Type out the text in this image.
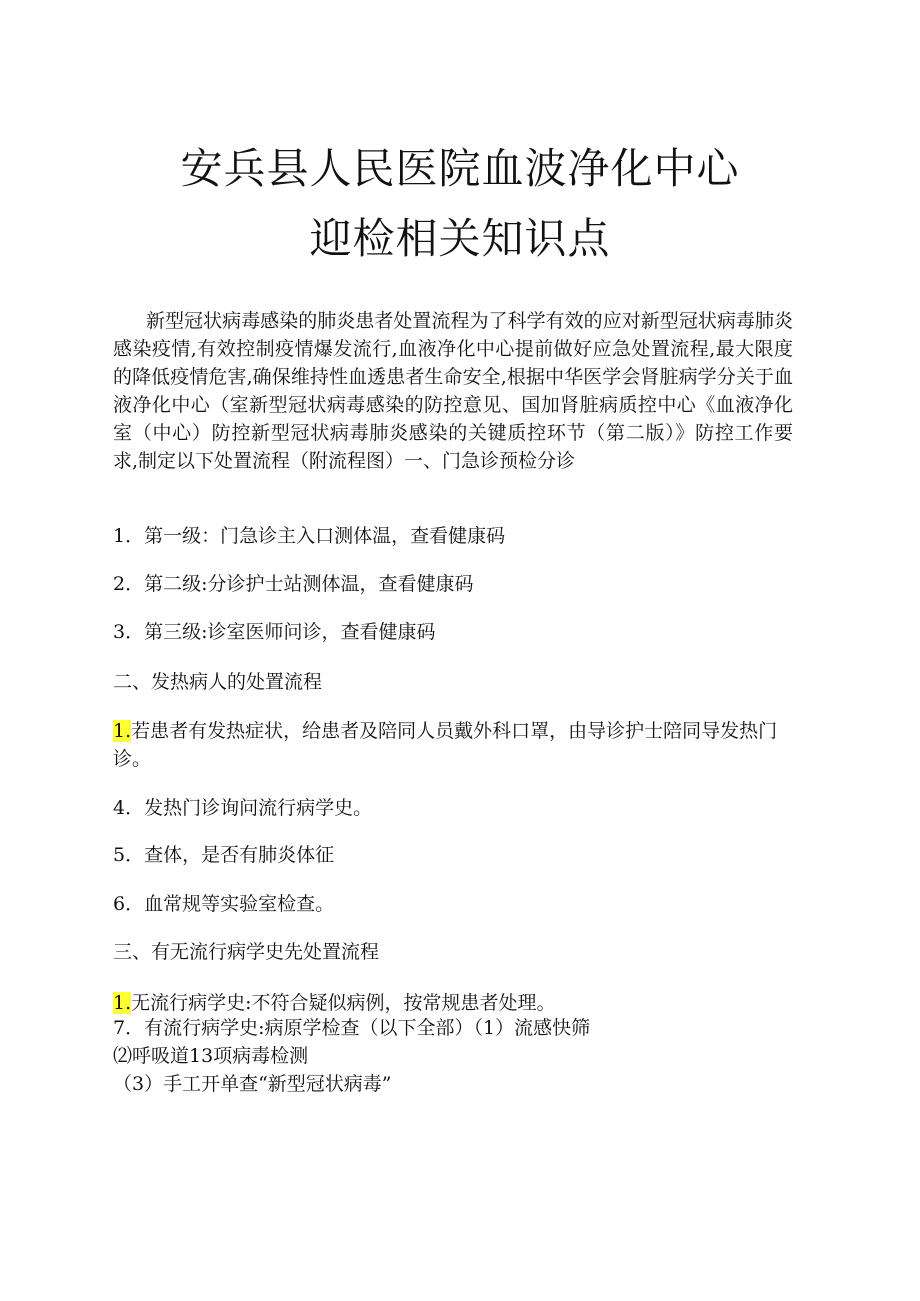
安兵县人民医院血波净化中心
迎检相关知识点
新型冠状病毒感染的肺炎患者处置流程为了科学有效的应对新型冠状病毒肺炎感染疫情,有效控制疫情爆发流行,血液净化中心提前做好应急处置流程,最大限度的降低疫情危害,确保维持性血透患者生命安全,根据中华医学会肾脏病学分关于血液净化中心（室新型冠状病毒感染的防控意见、国加肾脏病质控中心《血液净化室（中心）防控新型冠状病毒肺炎感染的关键质控环节（第二版）》防控工作要求,制定以下处置流程（附流程图）一、门急诊预检分诊
1．第一级：门急诊主入口测体温，查看健康码
2．第二级:分诊护士站测体温，查看健康码
3．第三级:诊室医师问诊，查看健康码
二、发热病人的处置流程
1.若患者有发热症状，给患者及陪同人员戴外科口罩，由导诊护士陪同导发热门诊。
4．发热门诊询问流行病学史。
5．查体，是否有肺炎体征
6．血常规等实验室检查。
三、有无流行病学史先处置流程
1.无流行病学史:不符合疑似病例，按常规患者处理。
7．有流行病学史:病原学检查（以下全部）（1）流感快筛
⑵呼吸道13项病毒检测
（3）手工开单查“新型冠状病毒”
